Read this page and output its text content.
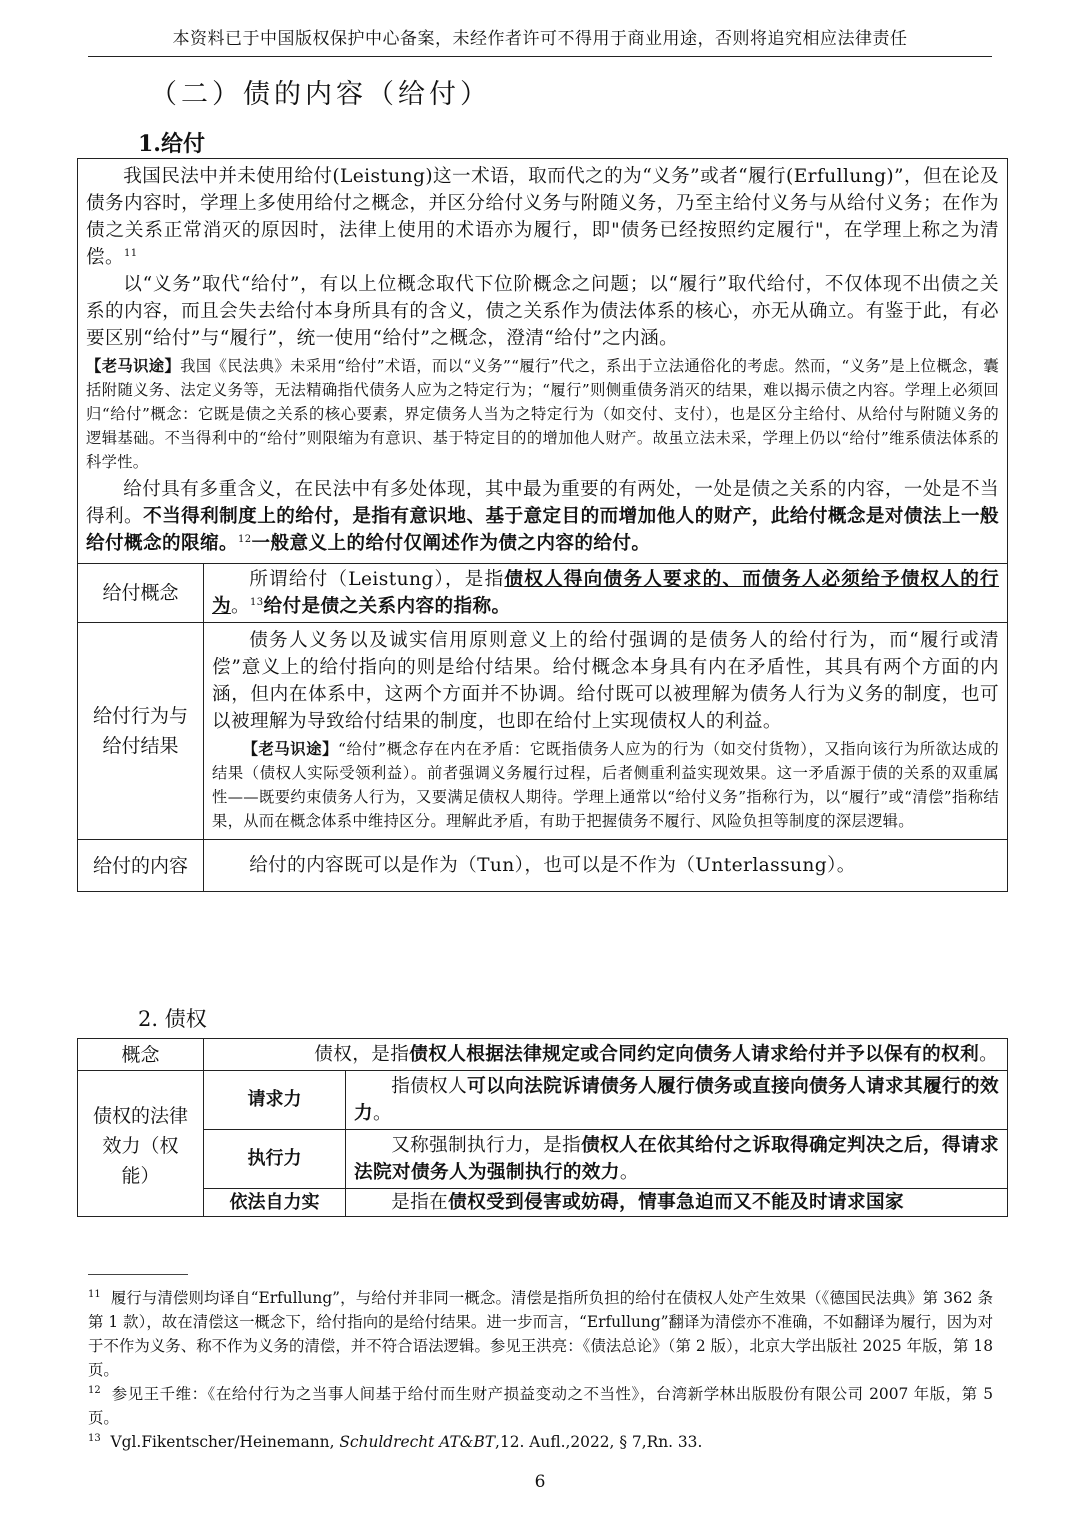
本资料已于中国版权保护中心备案，未经作者许可不得用于商业用途，否则将追究相应法律责任
（二）债的内容（给付）
1.给付

我国民法中并未使用给付(Leistung)这一术语，取而代之的为“义务”或者“履行(Erfullung)”，但在论及债务内容时，学理上多使用给付之概念，并区分给付义务与附随义务，乃至主给付义务与从给付义务；在作为债之关系正常消灭的原因时，法律上使用的术语亦为履行，即"债务已经按照约定履行"，在学理上称之为清偿。$^{11}$

以“义务”取代“给付”，有以上位概念取代下位阶概念之问题；以“履行”取代给付，不仅体现不出债之关系的内容，而且会失去给付本身所具有的含义，债之关系作为债法体系的核心，亦无从确立。有鉴于此，有必要区别“给付”与“履行”，统一使用“给付”之概念，澄清“给付”之内涵。

【老马识途】我国《民法典》未采用“给付”术语，而以“义务”“履行”代之，系出于立法通俗化的考虑。然而，“义务”是上位概念，囊括附随义务、法定义务等，无法精确指代债务人应为之特定行为；“履行”则侧重债务消灭的结果，难以揭示债之内容。学理上必须回归“给付”概念：它既是债之关系的核心要素，界定债务人当为之特定行为（如交付、支付），也是区分主给付、从给付与附随义务的逻辑基础。不当得利中的“给付”则限缩为有意识、基于特定目的的增加他人财产。故虽立法未采，学理上仍以“给付”维系债法体系的科学性。

给付具有多重含义，在民法中有多处体现，其中最为重要的有两处，一处是债之关系的内容，一处是不当得利。不当得利制度上的给付，是指有意识地、基于意定目的而增加他人的财产，此给付概念是对债法上一般给付概念的限缩。$^{12}$一般意义上的给付仅阐述作为债之内容的给付。	

给付概念	所谓给付（Leistung），是指债权人得向债务人要求的、而债务人必须给予债权人的行为。$^{13}$给付是债之关系内容的指称。

给付行为与给付结果	债务人义务以及诚实信用原则意义上的给付强调的是债务人的给付行为，而“履行或清偿”意义上的给付指向的则是给付结果。给付概念本身具有内在矛盾性，其具有两个方面的内涵，但内在体系中，这两个方面并不协调。给付既可以被理解为债务人行为义务的制度，也可以被理解为导致给付结果的制度，也即在给付上实现债权人的利益。

【老马识途】“给付”概念存在内在矛盾：它既指债务人应为的行为（如交付货物），又指向该行为所欲达成的结果（债权人实际受领利益）。前者强调义务履行过程，后者侧重利益实现效果。这一矛盾源于债的关系的双重属性——既要约束债务人行为，又要满足债权人期待。学理上通常以“给付义务”指称行为，以“履行”或“清偿”指称结果，从而在概念体系中维持区分。理解此矛盾，有助于把握债务不履行、风险负担等制度的深层逻辑。

给付的内容	给付的内容既可以是作为（Tun），也可以是不作为（Unterlassung）。

2. 债权
概念	债权，是指债权人根据法律规定或合同约定向债务人请求给付并予以保有的权利。	

债权的法律效力（权能）	请求力	指债权人可以向法院诉请债务人履行债务或直接向债务人请求其履行的效力。

	执行力	又称强制执行力，是指债权人在依其给付之诉取得确定判决之后，得请求法院对债务人为强制执行的效力。

	依法自力实	是指在债权受到侵害或妨碍，情事急迫而又不能及时请求国家

$^{11}$ 履行与清偿则均译自“Erfullung”，与给付并非同一概念。清偿是指所负担的给付在债权人处产生效果（《德国民法典》第 362 条第 1 款），故在清偿这一概念下，给付指向的是给付结果。进一步而言，“Erfullung”翻译为清偿亦不准确，不如翻译为履行，因为对于不作为义务、称不作为义务的清偿，并不符合语法逻辑。参见王洪亮：《债法总论》（第 2 版），北京大学出版社 2025 年版，第 18 页。

$^{12}$ 参见王千维：《在给付行为之当事人间基于给付而生财产损益变动之不当性》，台湾新学林出版股份有限公司 2007 年版，第 5 页。

$^{13}$ Vgl.Fikentscher/Heinemann, Schuldrecht AT&BT,12. Aufl.,2022, § 7,Rn. 33.

6
